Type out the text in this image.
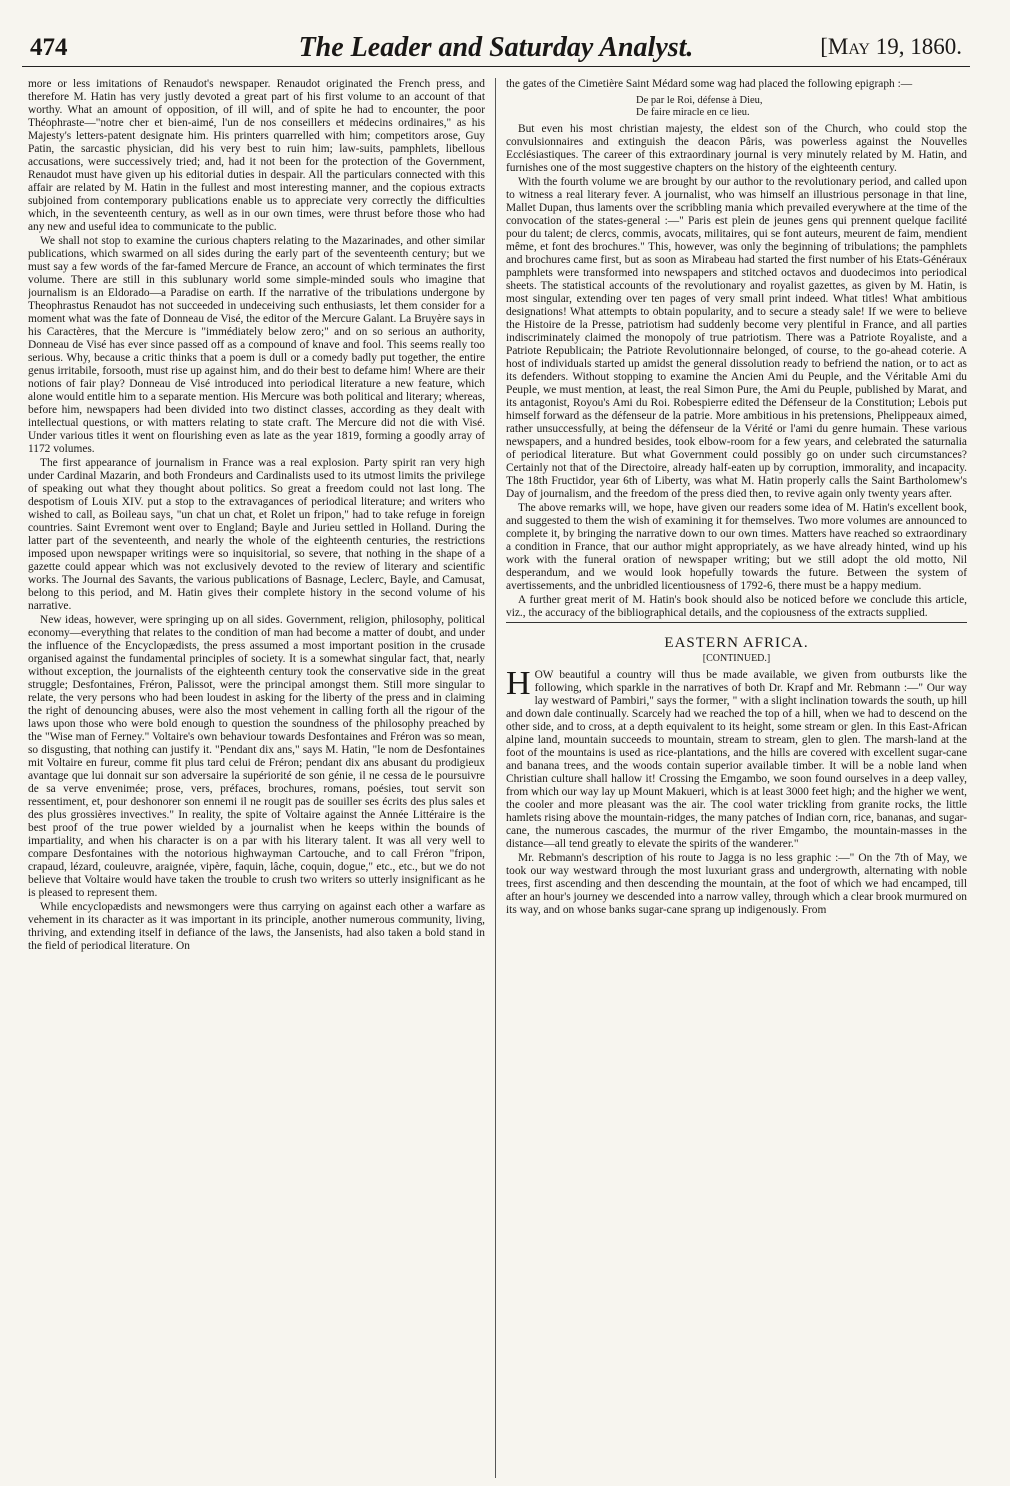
474	The Leader and Saturday Analyst.	[May 19, 1860.

more or less imitations of Renaudot's newspaper. Renaudot originated the French press, and therefore M. Hatin has very justly devoted a great part of his first volume to an account of that worthy. What an amount of opposition, of ill will, and of spite he had to encounter, the poor Théophraste—"notre cher et bien-aimé, l'un de nos conseillers et médecins ordinaires," as his Majesty's letters-patent designate him. His printers quarrelled with him; competitors arose, Guy Patin, the sarcastic physician, did his very best to ruin him; law-suits, pamphlets, libellous accusations, were successively tried; and, had it not been for the protection of the Government, Renaudot must have given up his editorial duties in despair. All the particulars connected with this affair are related by M. Hatin in the fullest and most interesting manner, and the copious extracts subjoined from contemporary publications enable us to appreciate very correctly the difficulties which, in the seventeenth century, as well as in our own times, were thrust before those who had any new and useful idea to communicate to the public.

We shall not stop to examine the curious chapters relating to the Mazarinades, and other similar publications, which swarmed on all sides during the early part of the seventeenth century; but we must say a few words of the far-famed Mercure de France, an account of which terminates the first volume. There are still in this sublunary world some simple-minded souls who imagine that journalism is an Eldorado—a Paradise on earth. If the narrative of the tribulations undergone by Theophrastus Renaudot has not succeeded in undeceiving such enthusiasts, let them consider for a moment what was the fate of Donneau de Visé, the editor of the Mercure Galant. La Bruyère says in his Caractères, that the Mercure is "immédiately below zero;" and on so serious an authority, Donneau de Visé has ever since passed off as a compound of knave and fool. This seems really too serious. Why, because a critic thinks that a poem is dull or a comedy badly put together, the entire genus irritabile, forsooth, must rise up against him, and do their best to defame him! Where are their notions of fair play? Donneau de Visé introduced into periodical literature a new feature, which alone would entitle him to a separate mention. His Mercure was both political and literary; whereas, before him, newspapers had been divided into two distinct classes, according as they dealt with intellectual questions, or with matters relating to state craft. The Mercure did not die with Visé. Under various titles it went on flourishing even as late as the year 1819, forming a goodly array of 1172 volumes.

The first appearance of journalism in France was a real explosion. Party spirit ran very high under Cardinal Mazarin, and both Frondeurs and Cardinalists used to its utmost limits the privilege of speaking out what they thought about politics. So great a freedom could not last long. The despotism of Louis XIV. put a stop to the extravagances of periodical literature; and writers who wished to call, as Boileau says, "un chat un chat, et Rolet un fripon," had to take refuge in foreign countries. Saint Evremont went over to England; Bayle and Jurieu settled in Holland. During the latter part of the seventeenth, and nearly the whole of the eighteenth centuries, the restrictions imposed upon newspaper writings were so inquisitorial, so severe, that nothing in the shape of a gazette could appear which was not exclusively devoted to the review of literary and scientific works. The Journal des Savants, the various publications of Basnage, Leclerc, Bayle, and Camusat, belong to this period, and M. Hatin gives their complete history in the second volume of his narrative.

New ideas, however, were springing up on all sides. Government, religion, philosophy, political economy—everything that relates to the condition of man had become a matter of doubt, and under the influence of the Encyclopædists, the press assumed a most important position in the crusade organised against the fundamental principles of society. It is a somewhat singular fact, that, nearly without exception, the journalists of the eighteenth century took the conservative side in the great struggle; Desfontaines, Fréron, Palissot, were the principal amongst them. Still more singular to relate, the very persons who had been loudest in asking for the liberty of the press and in claiming the right of denouncing abuses, were also the most vehement in calling forth all the rigour of the laws upon those who were bold enough to question the soundness of the philosophy preached by the "Wise man of Ferney." Voltaire's own behaviour towards Desfontaines and Fréron was so mean, so disgusting, that nothing can justify it. "Pendant dix ans," says M. Hatin, "le nom de Desfontaines mit Voltaire en fureur, comme fit plus tard celui de Fréron; pendant dix ans abusant du prodigieux avantage que lui donnait sur son adversaire la supériorité de son génie, il ne cessa de le poursuivre de sa verve envenimée; prose, vers, préfaces, brochures, romans, poésies, tout servit son ressentiment, et, pour deshonorer son ennemi il ne rougit pas de souiller ses écrits des plus sales et des plus grossières invectives." In reality, the spite of Voltaire against the Année Littéraire is the best proof of the true power wielded by a journalist when he keeps within the bounds of impartiality, and when his character is on a par with his literary talent. It was all very well to compare Desfontaines with the notorious highwayman Cartouche, and to call Fréron "fripon, crapaud, lézard, couleuvre, araignée, vipère, faquin, lâche, coquin, dogue," etc., etc., but we do not believe that Voltaire would have taken the trouble to crush two writers so utterly insignificant as he is pleased to represent them.

While encyclopædists and newsmongers were thus carrying on against each other a warfare as vehement in its character as it was important in its principle, another numerous community, living, thriving, and extending itself in defiance of the laws, the Jansenists, had also taken a bold stand in the field of periodical literature. On

the gates of the Cimetière Saint Médard some wag had placed the following epigraph :—

De par le Roi, défense à Dieu,
De faire miracle en ce lieu.

But even his most christian majesty, the eldest son of the Church, who could stop the convulsionnaires and extinguish the deacon Pâris, was powerless against the Nouvelles Ecclésiastiques. The career of this extraordinary journal is very minutely related by M. Hatin, and furnishes one of the most suggestive chapters on the history of the eighteenth century.

With the fourth volume we are brought by our author to the revolutionary period, and called upon to witness a real literary fever. A journalist, who was himself an illustrious personage in that line, Mallet Dupan, thus laments over the scribbling mania which prevailed everywhere at the time of the convocation of the states-general :—" Paris est plein de jeunes gens qui prennent quelque facilité pour du talent; de clercs, commis, avocats, militaires, qui se font auteurs, meurent de faim, mendient même, et font des brochures." This, however, was only the beginning of tribulations; the pamphlets and brochures came first, but as soon as Mirabeau had started the first number of his Etats-Généraux pamphlets were transformed into newspapers and stitched octavos and duodecimos into periodical sheets. The statistical accounts of the revolutionary and royalist gazettes, as given by M. Hatin, is most singular, extending over ten pages of very small print indeed. What titles! What ambitious designations! What attempts to obtain popularity, and to secure a steady sale! If we were to believe the Histoire de la Presse, patriotism had suddenly become very plentiful in France, and all parties indiscriminately claimed the monopoly of true patriotism. There was a Patriote Royaliste, and a Patriote Republicain; the Patriote Revolutionnaire belonged, of course, to the go-ahead coterie. A host of individuals started up amidst the general dissolution ready to befriend the nation, or to act as its defenders. Without stopping to examine the Ancien Ami du Peuple, and the Véritable Ami du Peuple, we must mention, at least, the real Simon Pure, the Ami du Peuple, published by Marat, and its antagonist, Royou's Ami du Roi. Robespierre edited the Défenseur de la Constitution; Lebois put himself forward as the défenseur de la patrie. More ambitious in his pretensions, Phelippeaux aimed, rather unsuccessfully, at being the défenseur de la Vérité or l'ami du genre humain. These various newspapers, and a hundred besides, took elbow-room for a few years, and celebrated the saturnalia of periodical literature. But what Government could possibly go on under such circumstances? Certainly not that of the Directoire, already half-eaten up by corruption, immorality, and incapacity. The 18th Fructidor, year 6th of Liberty, was what M. Hatin properly calls the Saint Bartholomew's Day of journalism, and the freedom of the press died then, to revive again only twenty years after.

The above remarks will, we hope, have given our readers some idea of M. Hatin's excellent book, and suggested to them the wish of examining it for themselves. Two more volumes are announced to complete it, by bringing the narrative down to our own times. Matters have reached so extraordinary a condition in France, that our author might appropriately, as we have already hinted, wind up his work with the funeral oration of newspaper writing; but we still adopt the old motto, Nil desperandum, and we would look hopefully towards the future. Between the system of avertissements, and the unbridled licentiousness of 1792-6, there must be a happy medium.

A further great merit of M. Hatin's book should also be noticed before we conclude this article, viz., the accuracy of the bibliographical details, and the copiousness of the extracts supplied.

EASTERN AFRICA.
[CONTINUED.]

HOW beautiful a country will thus be made available, we given from outbursts like the following, which sparkle in the narratives of both Dr. Krapf and Mr. Rebmann :—" Our way lay westward of Pambiri," says the former, " with a slight inclination towards the south, up hill and down dale continually. Scarcely had we reached the top of a hill, when we had to descend on the other side, and to cross, at a depth equivalent to its height, some stream or glen. In this East-African alpine land, mountain succeeds to mountain, stream to stream, glen to glen. The marsh-land at the foot of the mountains is used as rice-plantations, and the hills are covered with excellent sugar-cane and banana trees, and the woods contain superior available timber. It will be a noble land when Christian culture shall hallow it! Crossing the Emgambo, we soon found ourselves in a deep valley, from which our way lay up Mount Makueri, which is at least 3000 feet high; and the higher we went, the cooler and more pleasant was the air. The cool water trickling from granite rocks, the little hamlets rising above the mountain-ridges, the many patches of Indian corn, rice, bananas, and sugar-cane, the numerous cascades, the murmur of the river Emgambo, the mountain-masses in the distance—all tend greatly to elevate the spirits of the wanderer."

Mr. Rebmann's description of his route to Jagga is no less graphic :—" On the 7th of May, we took our way westward through the most luxuriant grass and undergrowth, alternating with noble trees, first ascending and then descending the mountain, at the foot of which we had encamped, till after an hour's journey we descended into a narrow valley, through which a clear brook murmured on its way, and on whose banks sugar-cane sprang up indigenously. From
